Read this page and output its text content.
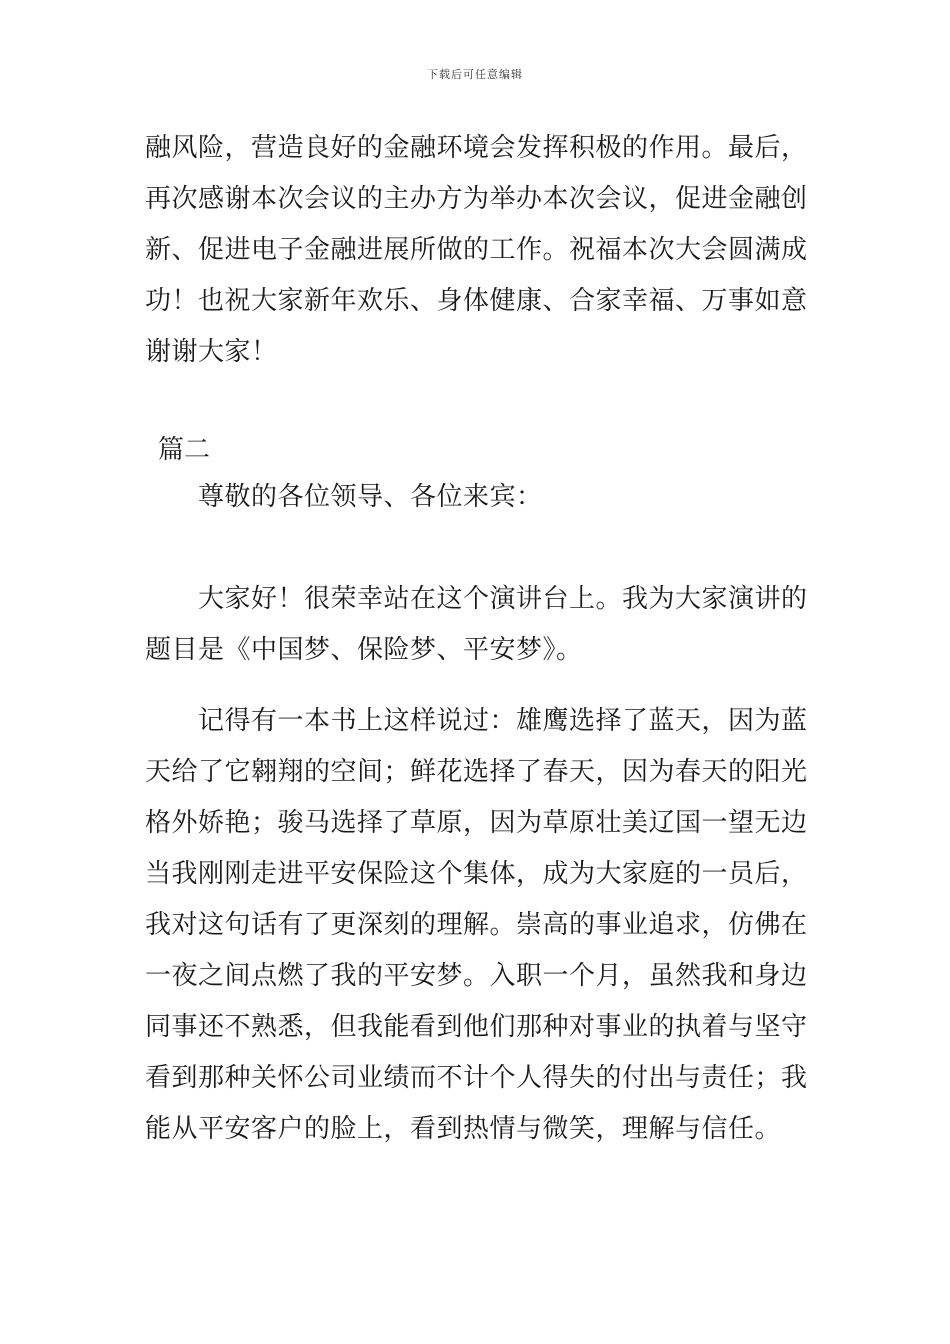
下载后可任意编辑
融风险，营造良好的金融环境会发挥积极的作用。最后，
再次感谢本次会议的主办方为举办本次会议，促进金融创
新、促进电子金融进展所做的工作。祝福本次大会圆满成
功！也祝大家新年欢乐、身体健康、合家幸福、万事如意
谢谢大家！
篇二
尊敬的各位领导、各位来宾：
大家好！很荣幸站在这个演讲台上。我为大家演讲的
题目是《中国梦、保险梦、平安梦》。
记得有一本书上这样说过：雄鹰选择了蓝天，因为蓝
天给了它翱翔的空间；鲜花选择了春天，因为春天的阳光
格外娇艳；骏马选择了草原，因为草原壮美辽国一望无边
当我刚刚走进平安保险这个集体，成为大家庭的一员后，
我对这句话有了更深刻的理解。崇高的事业追求，仿佛在
一夜之间点燃了我的平安梦。入职一个月，虽然我和身边
同事还不熟悉，但我能看到他们那种对事业的执着与坚守
看到那种关怀公司业绩而不计个人得失的付出与责任；我
能从平安客户的脸上，看到热情与微笑，理解与信任。
